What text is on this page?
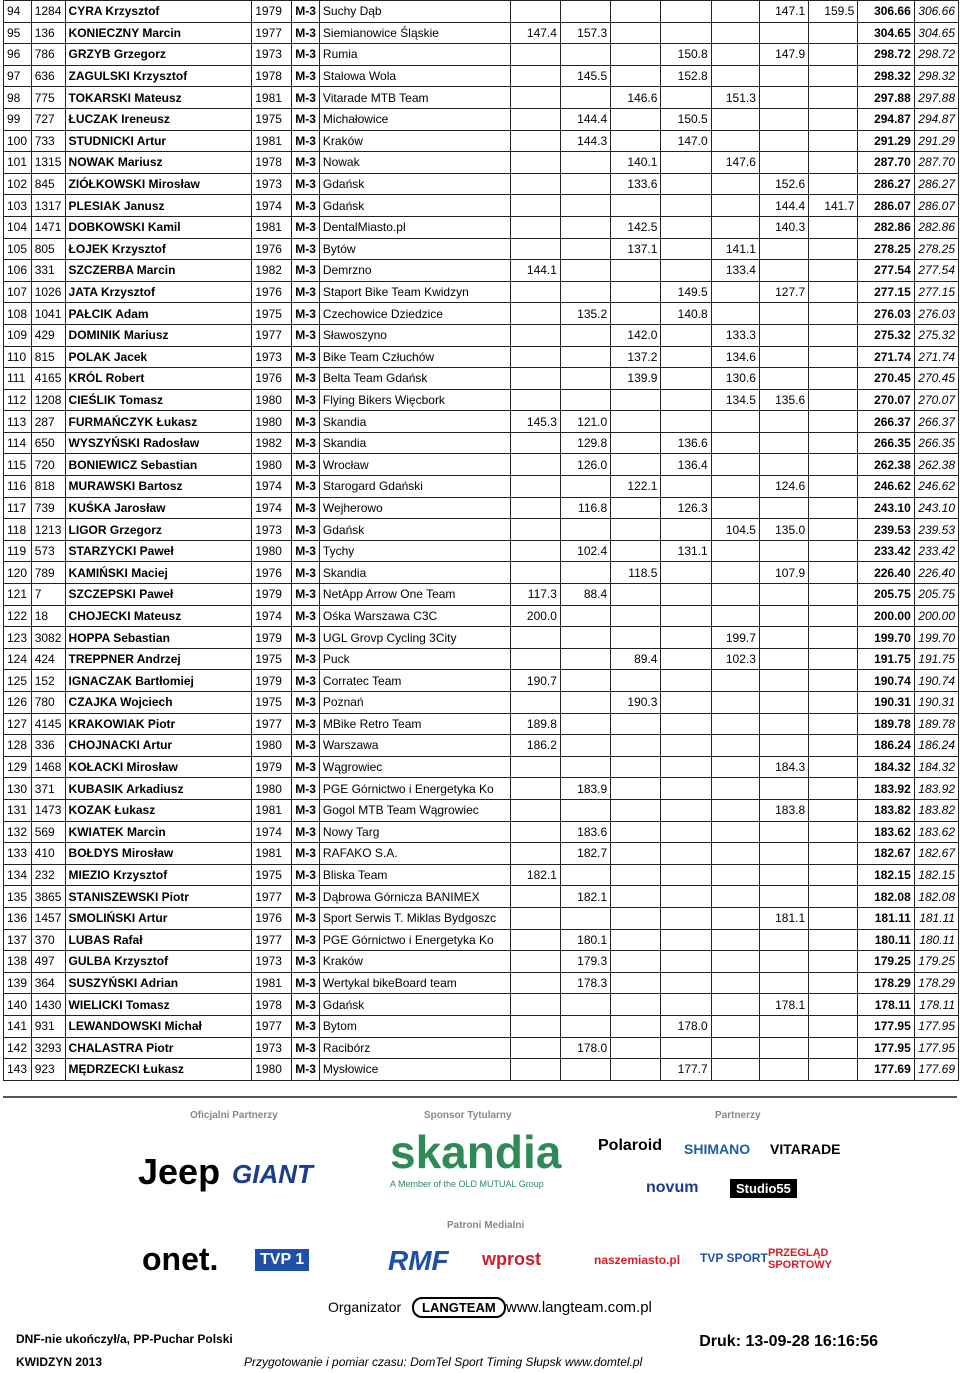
94	1284	CYRA Krzysztof	1979	M-3	Suchy Dąb						147.1	159.5	306.66	306.66
95	136	KONIECZNY Marcin	1977	M-3	Siemianowice Śląskie	147.4	157.3						304.65	304.65
96	786	GRZYB Grzegorz	1973	M-3	Rumia				150.8		147.9		298.72	298.72
97	636	ZAGULSKI Krzysztof	1978	M-3	Stalowa Wola		145.5		152.8				298.32	298.32
98	775	TOKARSKI Mateusz	1981	M-3	Vitarade MTB Team			146.6		151.3			297.88	297.88
99	727	ŁUCZAK Ireneusz	1975	M-3	Michałowice		144.4		150.5				294.87	294.87
100	733	STUDNICKI Artur	1981	M-3	Kraków		144.3		147.0				291.29	291.29
101	1315	NOWAK Mariusz	1978	M-3	Nowak			140.1		147.6			287.70	287.70
102	845	ZIÓŁKOWSKI Mirosław	1973	M-3	Gdańsk			133.6			152.6		286.27	286.27
103	1317	PLESIAK Janusz	1974	M-3	Gdańsk						144.4	141.7	286.07	286.07
104	1471	DOBKOWSKI Kamil	1981	M-3	DentalMiasto.pl			142.5			140.3		282.86	282.86
105	805	ŁOJEK Krzysztof	1976	M-3	Bytów			137.1		141.1			278.25	278.25
106	331	SZCZERBA Marcin	1982	M-3	Demrzno	144.1				133.4			277.54	277.54
107	1026	JATA Krzysztof	1976	M-3	Staport Bike Team Kwidzyn				149.5		127.7		277.15	277.15
108	1041	PAŁCIK Adam	1975	M-3	Czechowice Dziedzice		135.2		140.8				276.03	276.03
109	429	DOMINIK Mariusz	1977	M-3	Sławoszyno			142.0		133.3			275.32	275.32
110	815	POLAK Jacek	1973	M-3	Bike Team Człuchów			137.2		134.6			271.74	271.74
111	4165	KRÓL Robert	1976	M-3	Belta Team Gdańsk			139.9		130.6			270.45	270.45
112	1208	CIEŚLIK Tomasz	1980	M-3	Flying Bikers Więcbork					134.5	135.6		270.07	270.07
113	287	FURMAŃCZYK Łukasz	1980	M-3	Skandia	145.3	121.0						266.37	266.37
114	650	WYSZYŃSKI Radosław	1982	M-3	Skandia		129.8		136.6				266.35	266.35
115	720	BONIEWICZ Sebastian	1980	M-3	Wrocław		126.0		136.4				262.38	262.38
116	818	MURAWSKI Bartosz	1974	M-3	Starogard Gdański			122.1			124.6		246.62	246.62
117	739	KUŚKA Jarosław	1974	M-3	Wejherowo		116.8		126.3				243.10	243.10
118	1213	LIGOR Grzegorz	1973	M-3	Gdańsk					104.5	135.0		239.53	239.53
119	573	STARZYCKI Paweł	1980	M-3	Tychy		102.4		131.1				233.42	233.42
120	789	KAMIŃSKI Maciej	1976	M-3	Skandia			118.5			107.9		226.40	226.40
121	7	SZCZEPSKI Paweł	1979	M-3	NetApp Arrow One Team	117.3	88.4						205.75	205.75
122	18	CHOJECKI Mateusz	1974	M-3	Ośka Warszawa C3C	200.0							200.00	200.00
123	3082	HOPPA Sebastian	1979	M-3	UGL Grovp Cycling 3City					199.7			199.70	199.70
124	424	TREPPNER Andrzej	1975	M-3	Puck			89.4		102.3			191.75	191.75
125	152	IGNACZAK Bartłomiej	1979	M-3	Corratec Team	190.7							190.74	190.74
126	780	CZAJKA Wojciech	1975	M-3	Poznań			190.3					190.31	190.31
127	4145	KRAKOWIAK Piotr	1977	M-3	MBike Retro Team	189.8							189.78	189.78
128	336	CHOJNACKI Artur	1980	M-3	Warszawa	186.2							186.24	186.24
129	1468	KOŁACKI Mirosław	1979	M-3	Wągrowiec						184.3		184.32	184.32
130	371	KUBASIK Arkadiusz	1980	M-3	PGE Górnictwo i Energetyka Ko		183.9						183.92	183.92
131	1473	KOZAK Łukasz	1981	M-3	Gogol MTB Team Wągrowiec						183.8		183.82	183.82
132	569	KWIATEK Marcin	1974	M-3	Nowy Targ		183.6						183.62	183.62
133	410	BOŁDYS Mirosław	1981	M-3	RAFAKO S.A.		182.7						182.67	182.67
134	232	MIEZIO Krzysztof	1975	M-3	Bliska Team	182.1							182.15	182.15
135	3865	STANISZEWSKI Piotr	1977	M-3	Dąbrowa Górnicza BANIMEX		182.1						182.08	182.08
136	1457	SMOLIŃSKI Artur	1976	M-3	Sport Serwis T. Miklas Bydgoszc						181.1		181.11	181.11
137	370	LUBAS Rafał	1977	M-3	PGE Górnictwo i Energetyka Ko		180.1						180.11	180.11
138	497	GULBA Krzysztof	1973	M-3	Kraków		179.3						179.25	179.25
139	364	SUSZYŃSKI Adrian	1981	M-3	Wertykal bikeBoard team		178.3						178.29	178.29
140	1430	WIELICKI Tomasz	1978	M-3	Gdańsk						178.1		178.11	178.11
141	931	LEWANDOWSKI Michał	1977	M-3	Bytom				178.0				177.95	177.95
142	3293	CHALASTRA Piotr	1973	M-3	Racibórz		178.0						177.95	177.95
143	923	MĘDRZECKI Łukasz	1980	M-3	Mysłowice				177.7				177.69	177.69
Oficjalni Partnerzy	Sponsor Tytularny	Partnerzy
Jeep GIANT skandia
A Member of the OLD MUTUAL Group
Polaroid SHIMANO VITARADE
novum	Studio55
Patroni Medialni
onet.	TVP 1	RMF wprost	naszemiasto.pl TVP SPORT PRZEGLĄD SPORTOWY
Organizator	LANGTEAM www.langteam.com.pl
DNF-nie ukończył/a, PP-Puchar Polski
KWIDZYN 2013	Przygotowanie i pomiar czasu: DomTel Sport Timing Słupsk www.domtel.pl
Druk: 13-09-28 16:16:56
